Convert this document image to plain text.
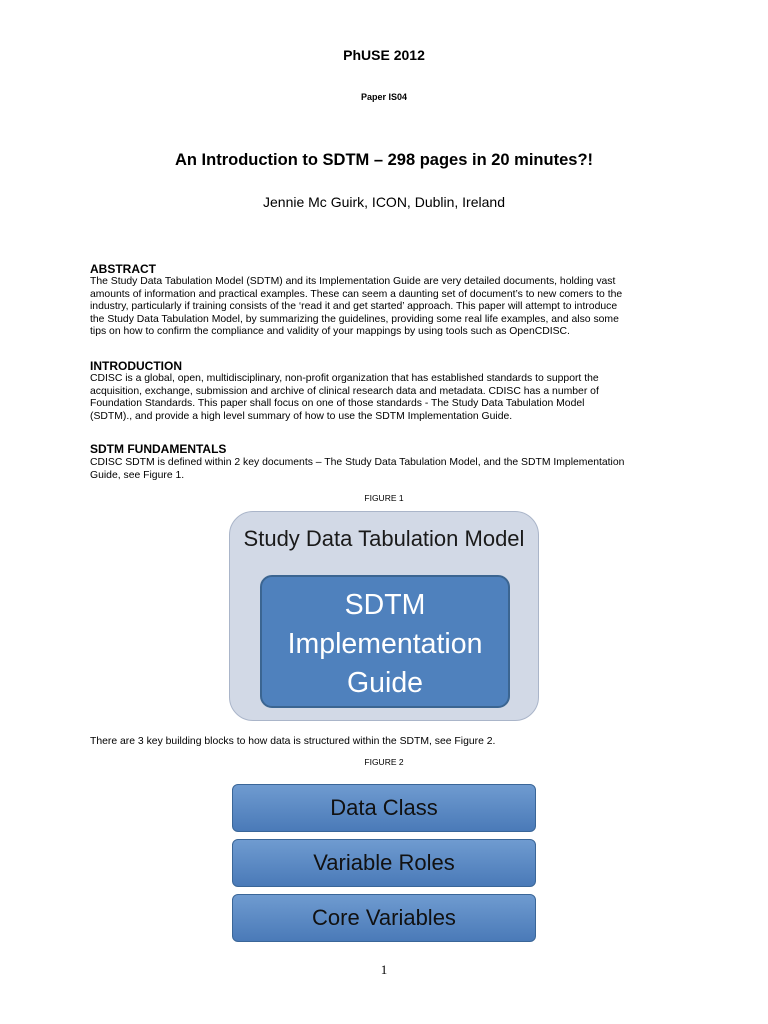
PhUSE 2012
Paper IS04
An Introduction to SDTM – 298 pages in 20 minutes?!
Jennie Mc Guirk, ICON, Dublin, Ireland
ABSTRACT
The Study Data Tabulation Model (SDTM) and its Implementation Guide are very detailed documents, holding vast
amounts of information and practical examples. These can seem a daunting set of document’s to new comers to the
industry, particularly if training consists of the ‘read it and get started’ approach. This paper will attempt to introduce
the Study Data Tabulation Model, by summarizing the guidelines, providing some real life examples, and also some
tips on how to confirm the compliance and validity of your mappings by using tools such as OpenCDISC.
INTRODUCTION
CDISC is a global, open, multidisciplinary, non-profit organization that has established standards to support the
acquisition, exchange, submission and archive of clinical research data and metadata. CDISC has a number of
Foundation Standards. This paper shall focus on one of those standards - The Study Data Tabulation Model
(SDTM)., and provide a high level summary of how to use the SDTM Implementation Guide.
SDTM FUNDAMENTALS
CDISC SDTM is defined within 2 key documents – The Study Data Tabulation Model, and the SDTM Implementation
Guide, see Figure 1.
FIGURE 1
Study Data Tabulation Model
SDTM
Implementation
Guide
There are 3 key building blocks to how data is structured within the SDTM, see Figure 2.
FIGURE 2
Data Class
Variable Roles
Core Variables
1
